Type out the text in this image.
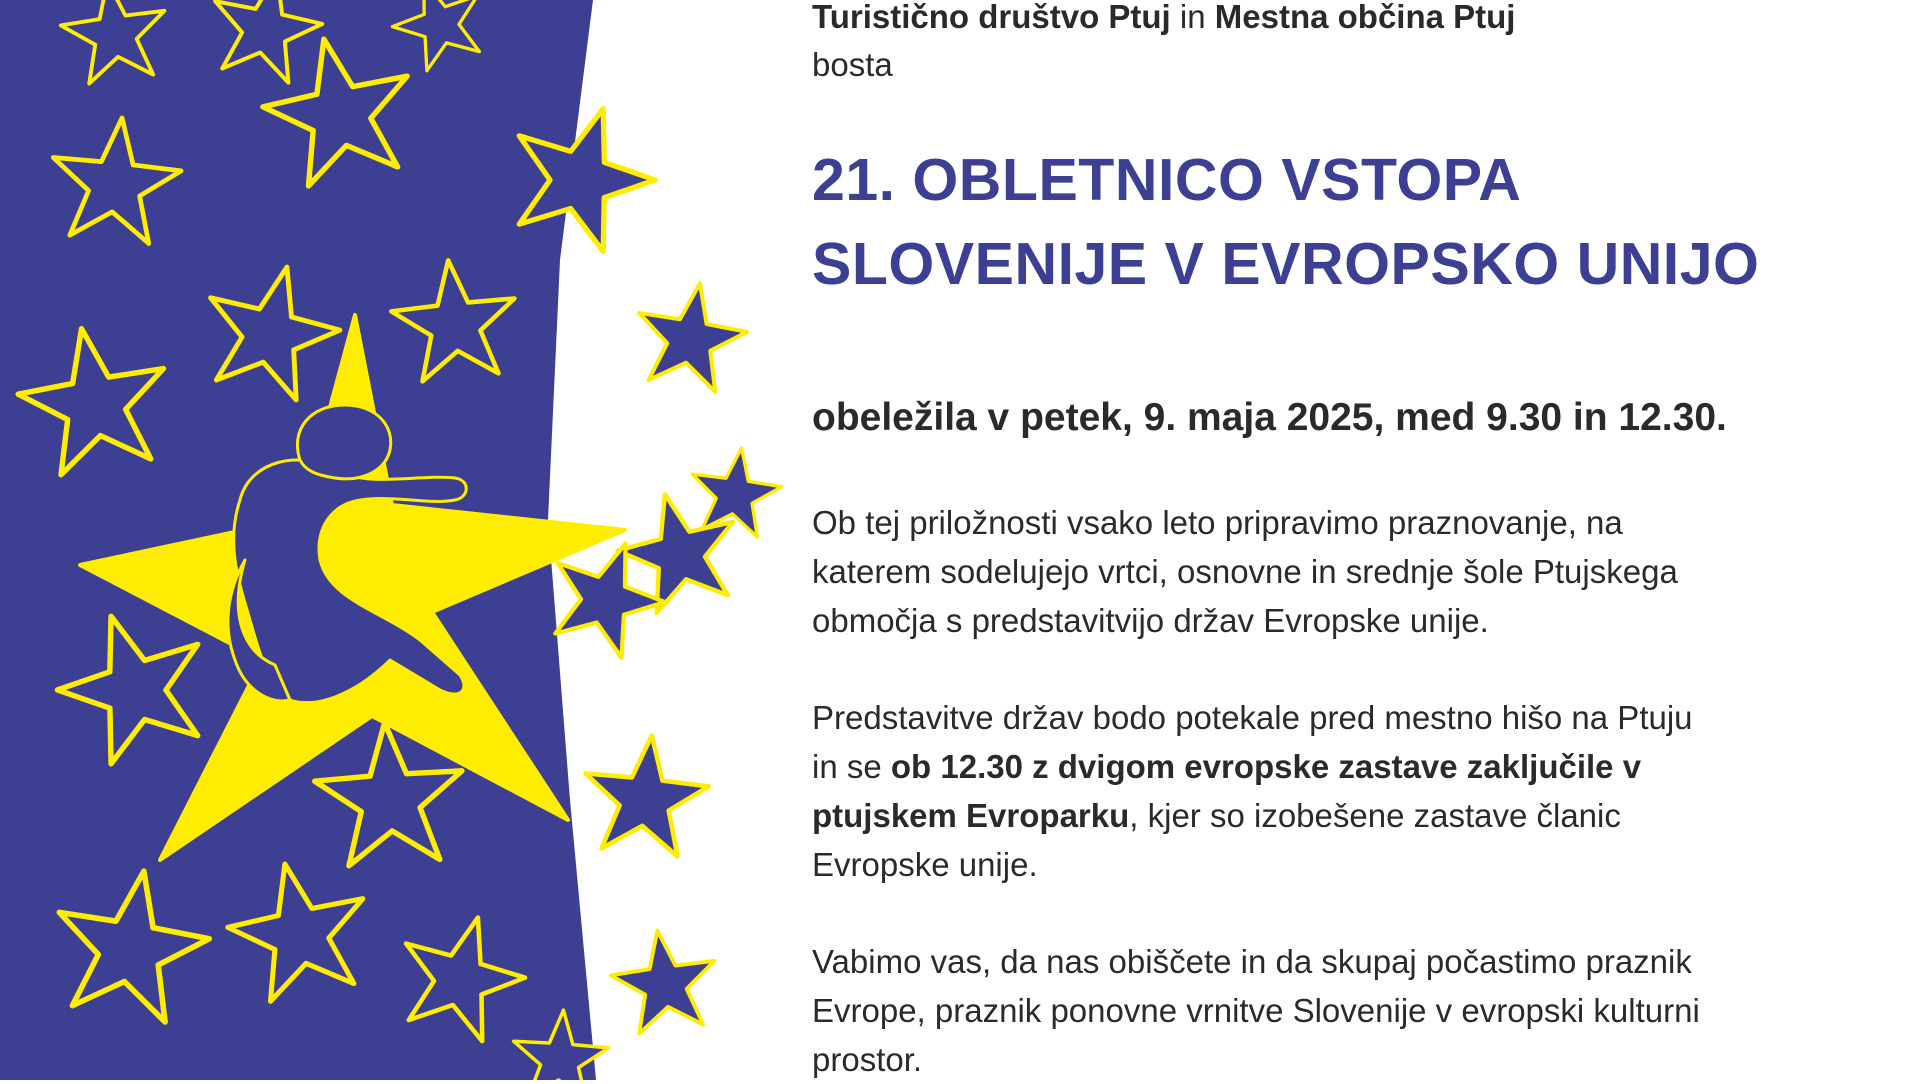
Turistično društvo Ptuj in Mestna občina Ptuj

bosta

21. OBLETNICO VSTOPA
SLOVENIJE V EVROPSKO UNIJO

obeležila v petek, 9. maja 2025, med 9.30 in 12.30.

Ob tej priložnosti vsako leto pripravimo praznovanje, na
katerem sodelujejo vrtci, osnovne in srednje šole Ptujskega
območja s predstavitvijo držav Evropske unije.
Predstavitve držav bodo potekale pred mestno hišo na Ptuju
in se ob 12.30 z dvigom evropske zastave zaključile v
ptujskem Evroparku, kjer so izobešene zastave članic
Evropske unije.
Vabimo vas, da nas obiščete in da skupaj počastimo praznik
Evrope, praznik ponovne vrnitve Slovenije v evropski kulturni
prostor.
